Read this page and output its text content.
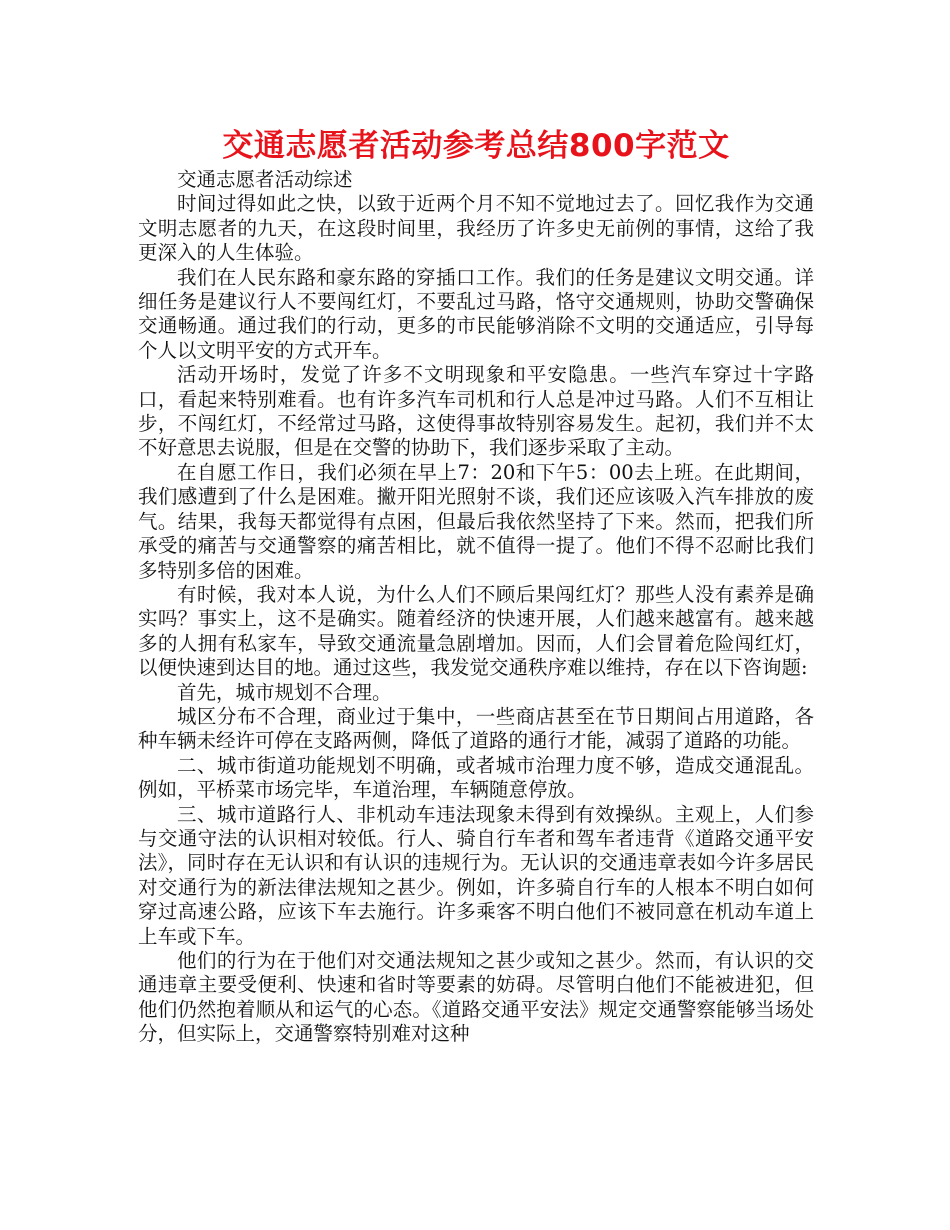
交通志愿者活动参考总结800字范文

交通志愿者活动综述

时间过得如此之快，以致于近两个月不知不觉地过去了。回忆我作为交通文明志愿者的九天，在这段时间里，我经历了许多史无前例的事情，这给了我更深入的人生体验。

我们在人民东路和豪东路的穿插口工作。我们的任务是建议文明交通。详细任务是建议行人不要闯红灯，不要乱过马路，恪守交通规则，协助交警确保交通畅通。通过我们的行动，更多的市民能够消除不文明的交通适应，引导每个人以文明平安的方式开车。

活动开场时，发觉了许多不文明现象和平安隐患。一些汽车穿过十字路口，看起来特别难看。也有许多汽车司机和行人总是冲过马路。人们不互相让步，不闯红灯，不经常过马路，这使得事故特别容易发生。起初，我们并不太不好意思去说服，但是在交警的协助下，我们逐步采取了主动。

在自愿工作日，我们必须在早上7：20和下午5：00去上班。在此期间，我们感遭到了什么是困难。撇开阳光照射不谈，我们还应该吸入汽车排放的废气。结果，我每天都觉得有点困，但最后我依然坚持了下来。然而，把我们所承受的痛苦与交通警察的痛苦相比，就不值得一提了。他们不得不忍耐比我们多特别多倍的困难。

有时候，我对本人说，为什么人们不顾后果闯红灯？那些人没有素养是确实吗？事实上，这不是确实。随着经济的快速开展，人们越来越富有。越来越多的人拥有私家车，导致交通流量急剧增加。因而，人们会冒着危险闯红灯，以便快速到达目的地。通过这些，我发觉交通秩序难以维持，存在以下咨询题:

首先，城市规划不合理。

城区分布不合理，商业过于集中，一些商店甚至在节日期间占用道路，各种车辆未经许可停在支路两侧，降低了道路的通行才能，减弱了道路的功能。

二、城市街道功能规划不明确，或者城市治理力度不够，造成交通混乱。例如，平桥菜市场完毕，车道治理，车辆随意停放。

三、城市道路行人、非机动车违法现象未得到有效操纵。主观上，人们参与交通守法的认识相对较低。行人、骑自行车者和驾车者违背《道路交通平安法》，同时存在无认识和有认识的违规行为。无认识的交通违章表如今许多居民对交通行为的新法律法规知之甚少。例如，许多骑自行车的人根本不明白如何穿过高速公路，应该下车去施行。许多乘客不明白他们不被同意在机动车道上上车或下车。

他们的行为在于他们对交通法规知之甚少或知之甚少。然而，有认识的交通违章主要受便利、快速和省时等要素的妨碍。尽管明白他们不能被进犯，但他们仍然抱着顺从和运气的心态。《道路交通平安法》规定交通警察能够当场处分，但实际上，交通警察特别难对这种
